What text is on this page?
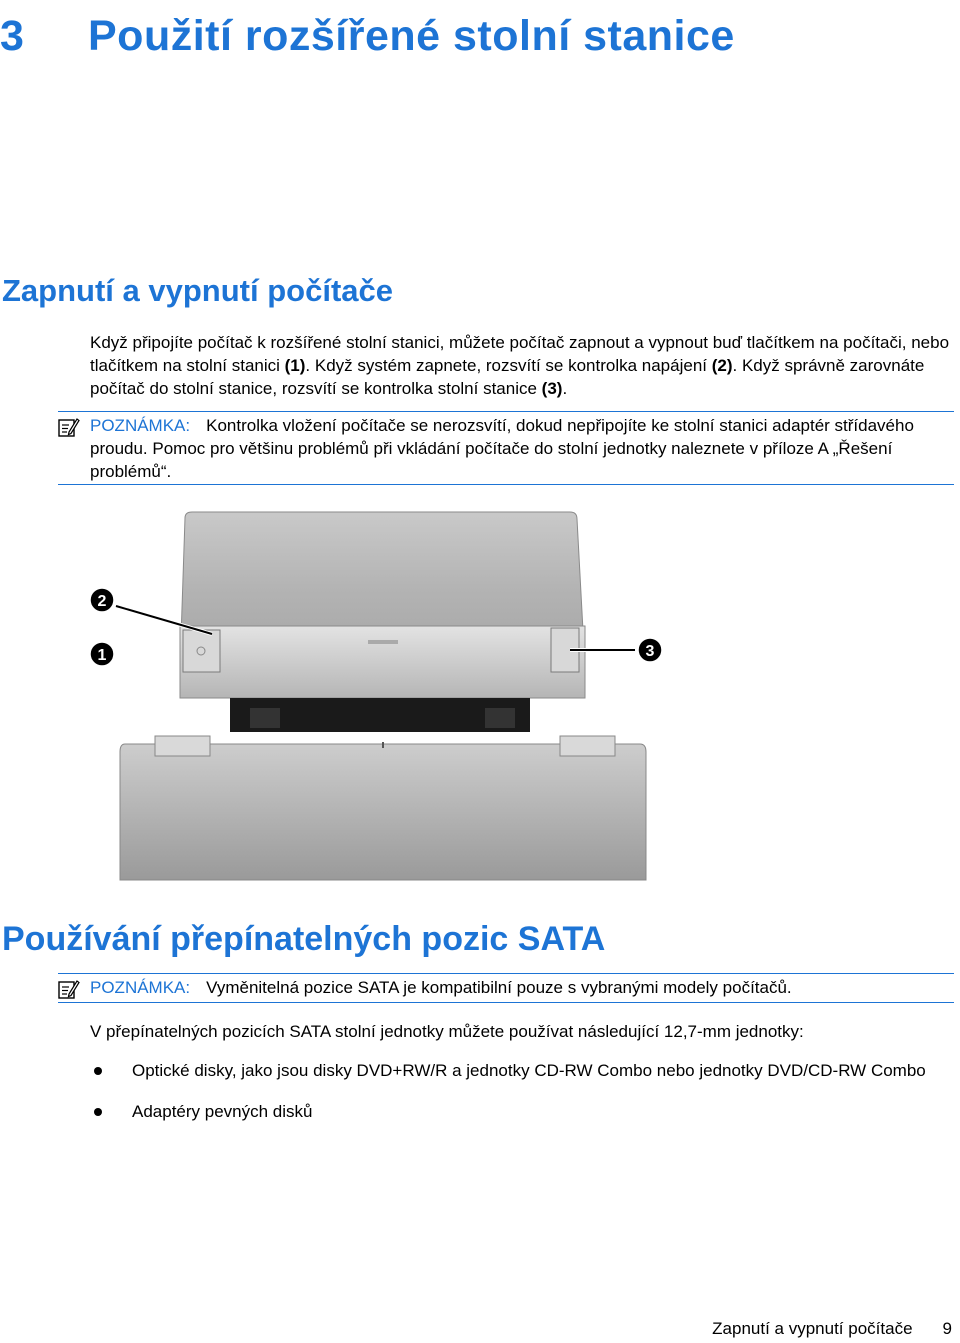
3 Použití rozšířené stolní stanice
Zapnutí a vypnutí počítače

Když připojíte počítač k rozšířené stolní stanici, můžete počítač zapnout a vypnout buď tlačítkem na počítači, nebo tlačítkem na stolní stanici (1). Když systém zapnete, rozsvítí se kontrolka napájení (2). Když správně zarovnáte počítač do stolní stanice, rozsvítí se kontrolka stolní stanice (3).

POZNÁMKA: Kontrolka vložení počítače se nerozsvítí, dokud nepřipojíte ke stolní stanici adaptér střídavého proudu. Pomoc pro většinu problémů při vkládání počítače do stolní jednotky naleznete v příloze A „Řešení problémů“.

2
1	3
Používání přepínatelných pozic SATA

POZNÁMKA: Vyměnitelná pozice SATA je kompatibilní pouze s vybranými modely počítačů.

V přepínatelných pozicích SATA stolní jednotky můžete používat následující 12,7-mm jednotky:

Optické disky, jako jsou disky DVD+RW/R a jednotky CD-RW Combo nebo jednotky DVD/CD-RW Combo
Adaptéry pevných disků
Zapnutí a vypnutí počítače 9
